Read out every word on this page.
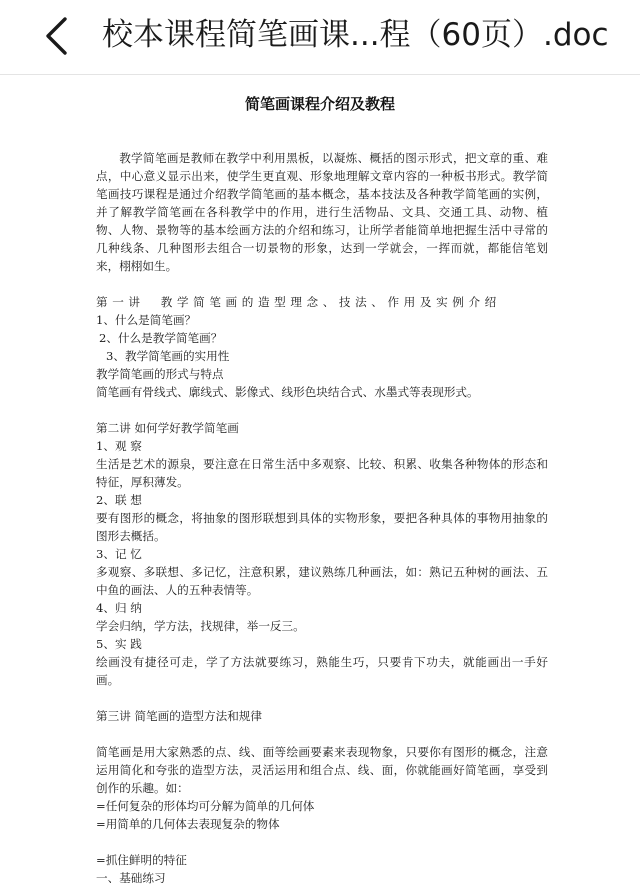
校本课程简笔画课...程（60页）.doc
简笔画课程介绍及教程

教学简笔画是教师在教学中利用黑板，以凝炼、概括的图示形式，把文章的重、难点，中心意义显示出来，使学生更直观、形象地理解文章内容的一种板书形式。教学简笔画技巧课程是通过介绍教学简笔画的基本概念，基本技法及各种教学简笔画的实例，并了解教学简笔画在各科教学中的作用，进行生活物品、文具、交通工具、动物、植物、人物、景物等的基本绘画方法的介绍和练习，让所学者能简单地把握生活中寻常的几种线条、几种图形去组合一切景物的形象，达到一学就会，一挥而就，都能信笔划来，栩栩如生。

第一讲　教学简笔画的造型理念、技法、作用及实例介绍

1、什么是简笔画？

2、什么是教学简笔画？

3、教学简笔画的实用性

教学简笔画的形式与特点

简笔画有骨线式、廓线式、影像式、线形色块结合式、水墨式等表现形式。

第二讲 如何学好教学简笔画

1、观 察

生活是艺术的源泉，要注意在日常生活中多观察、比较、积累、收集各种物体的形态和特征，厚积薄发。

2、联 想

要有图形的概念，将抽象的图形联想到具体的实物形象，要把各种具体的事物用抽象的图形去概括。

3、记 忆

多观察、多联想、多记忆，注意积累，建议熟练几种画法，如：熟记五种树的画法、五中鱼的画法、人的五种表情等。

4、归 纳

学会归纳，学方法，找规律，举一反三。

5、实 践

绘画没有捷径可走，学了方法就要练习，熟能生巧，只要肯下功夫，就能画出一手好画。

第三讲 简笔画的造型方法和规律

简笔画是用大家熟悉的点、线、面等绘画要素来表现物象，只要你有图形的概念，注意运用简化和夸张的造型方法，灵活运用和组合点、线、面，你就能画好简笔画，享受到创作的乐趣。如：

=任何复杂的形体均可分解为简单的几何体

=用简单的几何体去表现复杂的物体

=抓住鲜明的特征

一、基础练习
